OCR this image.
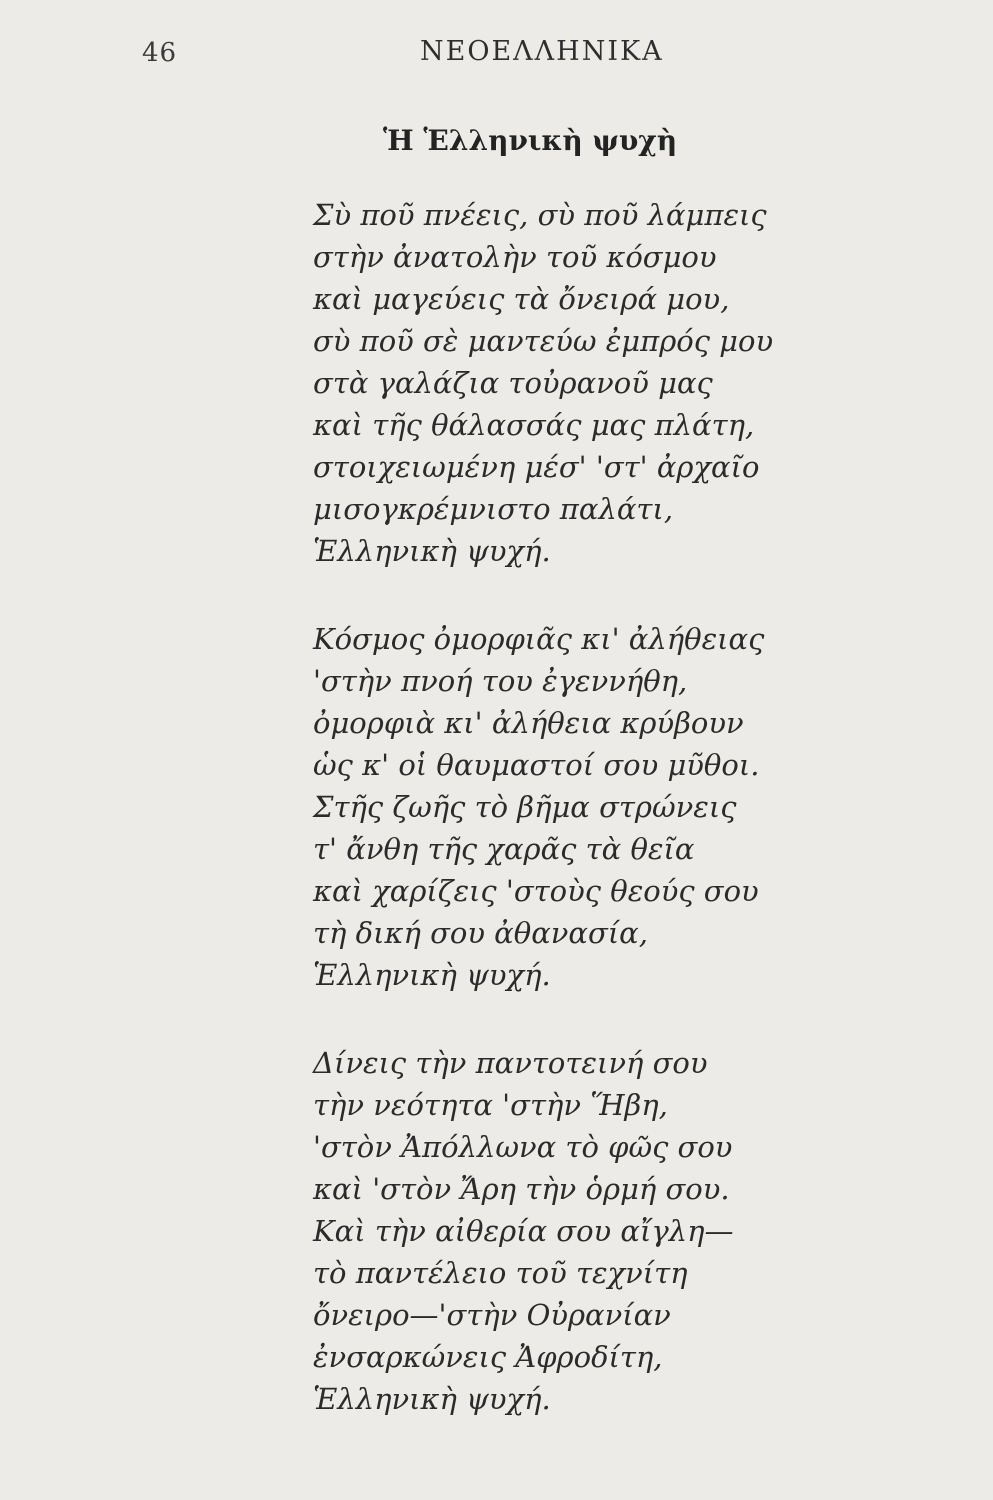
46	ΝΕΟΕΛΛΗΝΙΚΑ
Ἡ Ἑλληνικὴ ψυχὴ
Σὺ ποῦ πνέεις, σὺ ποῦ λάμπεις
στὴν ἀνατολὴν τοῦ κόσμου
καὶ μαγεύεις τὰ ὄνειρά μου,
σὺ ποῦ σὲ μαντεύω ἐμπρός μου
στὰ γαλάζια τοὐρανοῦ μας
καὶ τῆς θάλασσάς μας πλάτη,
στοιχειωμένη μέσ' 'στ' ἀρχαῖο
μισογκρέμνιστο παλάτι,
Ἑλληνικὴ ψυχή.
Κόσμος ὀμορφιᾶς κι' ἀλήθειας
'στὴν πνοή του ἐγεννήθη,
ὀμορφιὰ κι' ἀλήθεια κρύβουν
ὡς κ' οἱ θαυμαστοί σου μῦθοι.
Στῆς ζωῆς τὸ βῆμα στρώνεις
τ' ἄνθη τῆς χαρᾶς τὰ θεῖα
καὶ χαρίζεις 'στοὺς θεούς σου
τὴ δική σου ἀθανασία,
Ἑλληνικὴ ψυχή.
Δίνεις τὴν παντοτεινή σου
τὴν νεότητα 'στὴν Ἥβη,
'στὸν Ἀπόλλωνα τὸ φῶς σου
καὶ 'στὸν Ἄρη τὴν ὁρμή σου.
Καὶ τὴν αἰθερία σου αἴγλη—
τὸ παντέλειο τοῦ τεχνίτη
ὄνειρο—'στὴν Οὐρανίαν
ἐνσαρκώνεις Ἀφροδίτη,
Ἑλληνικὴ ψυχή.
